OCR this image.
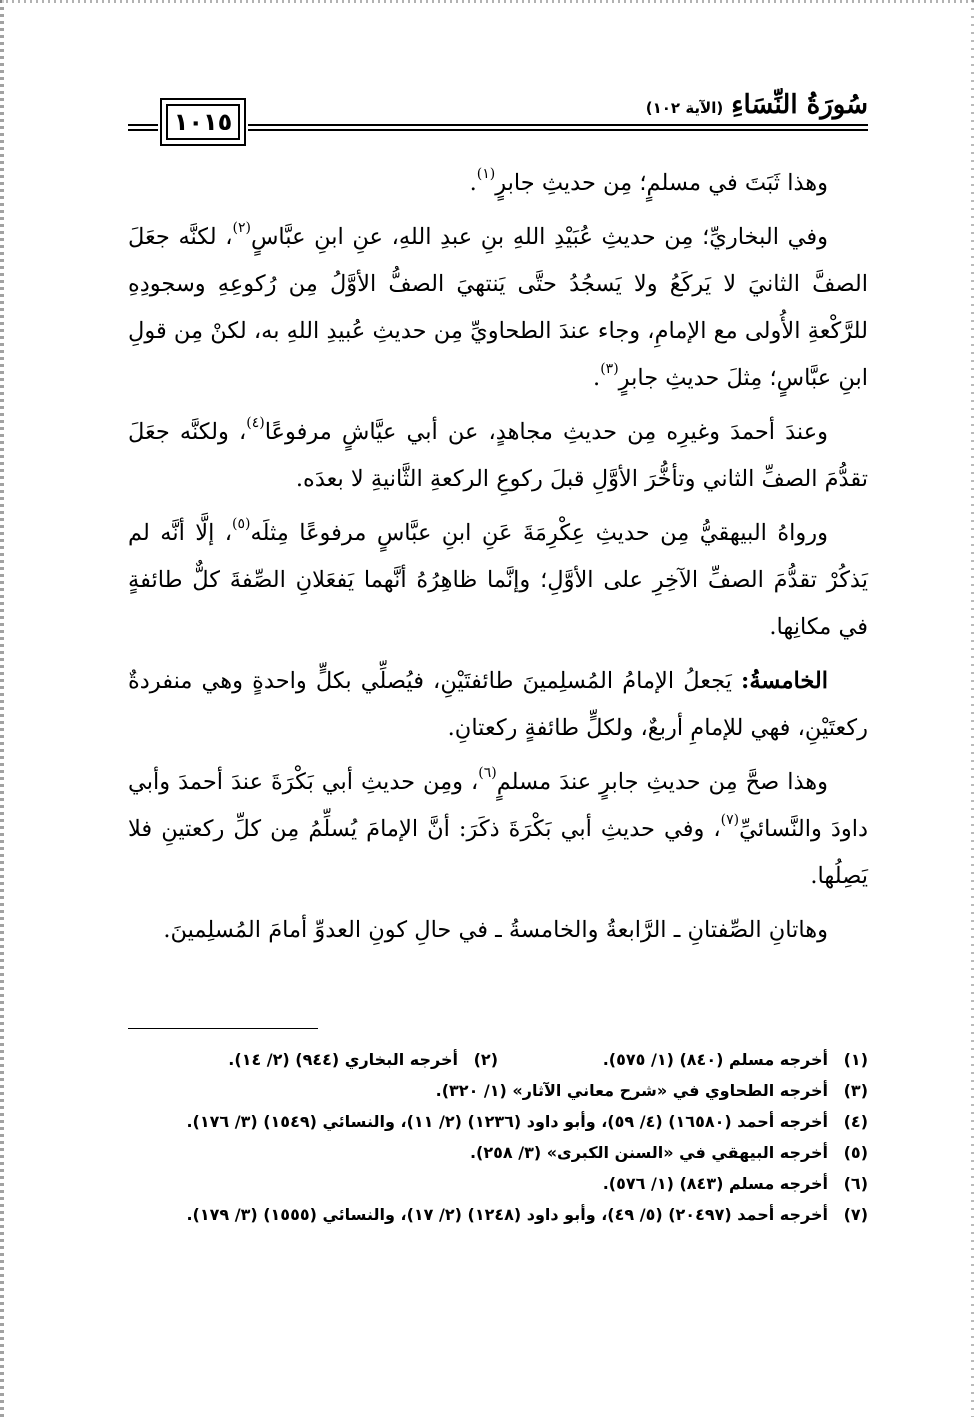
١٠١٥
سُورَةُ النِّسَاءِ
(الآية ١٠٢)

وهذا ثَبَتَ في مسلمٍ؛ مِن حديثِ جابرٍ$^{(١)}$.

وفي البخاريِّ؛ مِن حديثِ عُبَيْدِ اللهِ بنِ عبدِ اللهِ، عنِ ابنِ عبَّاسٍ$^{(٢)}$، لكنَّه جعَلَ الصفَّ الثانيَ لا يَركَعُ ولا يَسجُدُ حتَّى يَنتهيَ الصفُّ الأوَّلُ مِن رُكوعِهِ وسجودِهِ للرَّكْعةِ الأُولى مع الإمامِ، وجاء عندَ الطحاويِّ مِن حديثِ عُبيدِ اللهِ به، لكنْ مِن قولِ ابنِ عبَّاسٍ؛ مِثلَ حديثِ جابرٍ$^{(٣)}$.

وعندَ أحمدَ وغيرِه مِن حديثِ مجاهدٍ، عن أبي عيَّاشٍ مرفوعًا$^{(٤)}$، ولكنَّه جعَلَ تقدُّمَ الصفِّ الثاني وتأخُّرَ الأوَّلِ قبلَ ركوعِ الركعةِ الثَّانيةِ لا بعدَه.

ورواهُ البيهقيُّ مِن حديثِ عِكْرِمَةَ عَنِ ابنِ عبَّاسٍ مرفوعًا مِثلَه$^{(٥)}$، إلَّا أنَّه لم يَذكُرْ تقدُّمَ الصفِّ الآخِرِ على الأوَّلِ؛ وإنَّما ظاهِرُهُ أنَّهما يَفعَلانِ الصِّفةَ كلٌّ طائفةٍ في مكانِها.

الخامسةُ: يَجعلُ الإمامُ المُسلِمينَ طائفتَيْنِ، فيُصلِّي بكلٍّ واحدةٍ وهي منفردةٌ ركعتَيْنِ، فهي للإمامِ أربعٌ، ولكلٍّ طائفةٍ ركعتانِ.

وهذا صحَّ مِن حديثِ جابرٍ عندَ مسلمٍ$^{(٦)}$، ومِن حديثِ أبي بَكْرَةَ عندَ أحمدَ وأبي داودَ والنَّسائيِّ$^{(٧)}$، وفي حديثِ أبي بَكْرَةَ ذكَرَ: أنَّ الإمامَ يُسلِّمُ مِن كلِّ ركعتينِ فلا يَصِلُها.

وهاتانِ الصِّفتانِ ـ الرَّابعةُ والخامسةُ ـ في حالِ كونِ العدوِّ أمامَ المُسلِمينَ.

(١)
أخرجه مسلم (٨٤٠) (١/ ٥٧٥).
(٢)
أخرجه البخاري (٩٤٤) (٢/ ١٤).
(٣)
أخرجه الطحاوي في «شرح معاني الآثار» (١/ ٣٢٠).
(٤)
أخرجه أحمد (١٦٥٨٠) (٤/ ٥٩)، وأبو داود (١٢٣٦) (٢/ ١١)، والنسائي (١٥٤٩) (٣/ ١٧٦).
(٥)
أخرجه البيهقي في «السنن الكبرى» (٣/ ٢٥٨).
(٦)
أخرجه مسلم (٨٤٣) (١/ ٥٧٦).
(٧)
أخرجه أحمد (٢٠٤٩٧) (٥/ ٤٩)، وأبو داود (١٢٤٨) (٢/ ١٧)، والنسائي (١٥٥٥) (٣/ ١٧٩).
